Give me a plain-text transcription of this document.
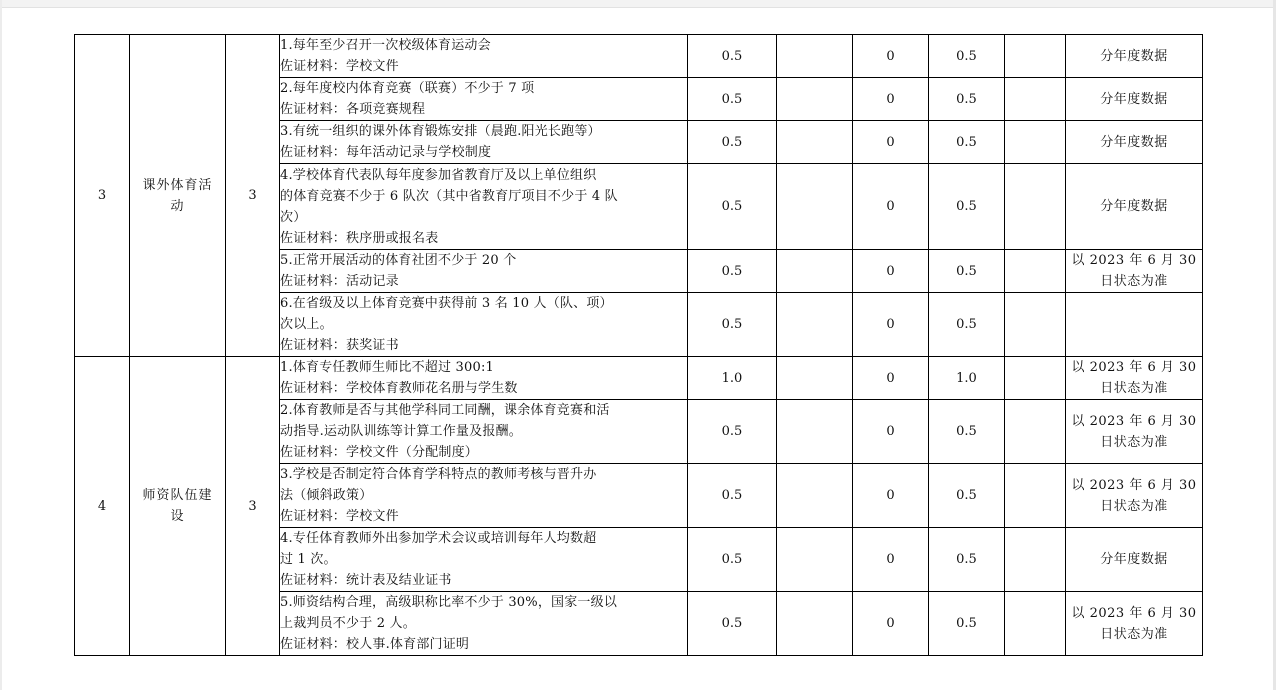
3	课外体育活
动	3	1.每年至少召开一次校级体育运动会
佐证材料：学校文件	0.5		0	0.5		分年度数据

			2.每年度校内体育竞赛（联赛）不少于 7 项
佐证材料：各项竞赛规程	0.5		0	0.5		分年度数据

			3.有统一组织的课外体育锻炼安排（晨跑.阳光长跑等）
佐证材料：每年活动记录与学校制度	0.5		0	0.5		分年度数据

			4.学校体育代表队每年度参加省教育厅及以上单位组织
的体育竞赛不少于 6 队次（其中省教育厅项目不少于 4 队
次）
佐证材料：秩序册或报名表	0.5		0	0.5		分年度数据

			5.正常开展活动的体育社团不少于 20 个
佐证材料：活动记录	0.5		0	0.5		以 2023 年 6 月 30
日状态为准

			6.在省级及以上体育竞赛中获得前 3 名 10 人（队、项）
次以上。
佐证材料：获奖证书	0.5		0	0.5		
4	师资队伍建
设	3	1.体育专任教师生师比不超过 300:1
佐证材料：学校体育教师花名册与学生数	1.0		0	1.0		以 2023 年 6 月 30
日状态为准

			2.体育教师是否与其他学科同工同酬，课余体育竞赛和活
动指导.运动队训练等计算工作量及报酬。
佐证材料：学校文件（分配制度）	0.5		0	0.5		以 2023 年 6 月 30
日状态为准

			3.学校是否制定符合体育学科特点的教师考核与晋升办
法（倾斜政策）
佐证材料：学校文件	0.5		0	0.5		以 2023 年 6 月 30
日状态为准

			4.专任体育教师外出参加学术会议或培训每年人均数超
过 1 次。
佐证材料：统计表及结业证书	0.5		0	0.5		分年度数据

			5.师资结构合理，高级职称比率不少于 30%，国家一级以
上裁判员不少于 2 人。
佐证材料：校人事.体育部门证明	0.5		0	0.5		以 2023 年 6 月 30
日状态为准
